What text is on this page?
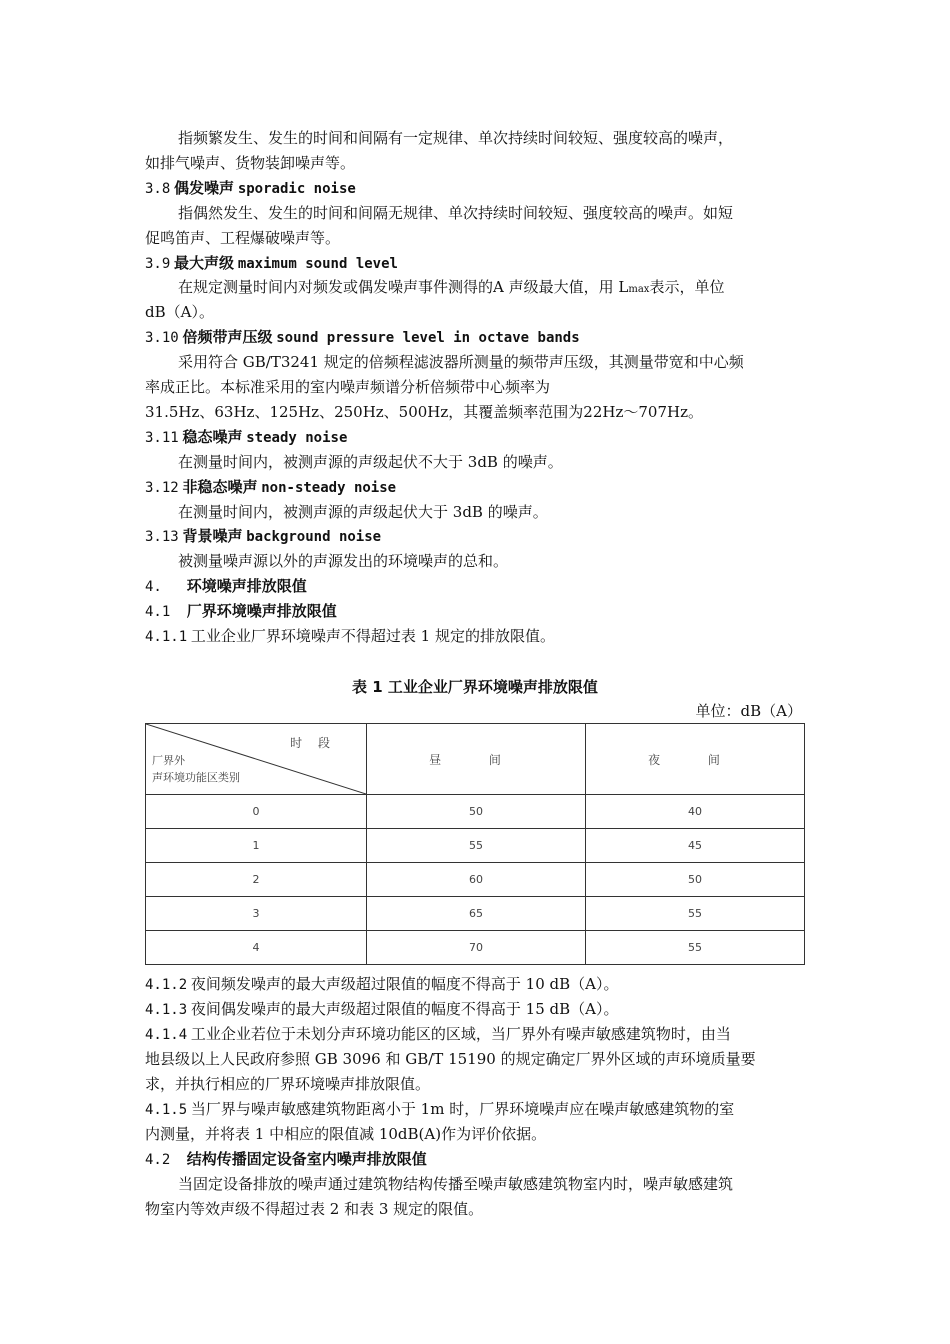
指频繁发生、发生的时间和间隔有一定规律、单次持续时间较短、强度较高的噪声，
如排气噪声、货物装卸噪声等。
3.8 偶发噪声 sporadic noise
指偶然发生、发生的时间和间隔无规律、单次持续时间较短、强度较高的噪声。如短
促鸣笛声、工程爆破噪声等。
3.9 最大声级 maximum sound level
在规定测量时间内对频发或偶发噪声事件测得的A 声级最大值，用 Lmax表示，单位
dB（A）。
3.10 倍频带声压级 sound pressure level in octave bands
采用符合 GB/T3241 规定的倍频程滤波器所测量的频带声压级，其测量带宽和中心频
率成正比。本标准采用的室内噪声频谱分析倍频带中心频率为
31.5Hz、63Hz、125Hz、250Hz、500Hz，其覆盖频率范围为22Hz～707Hz。
3.11 稳态噪声 steady noise
在测量时间内，被测声源的声级起伏不大于 3dB 的噪声。
3.12 非稳态噪声 non-steady noise
在测量时间内，被测声源的声级起伏大于 3dB 的噪声。
3.13 背景噪声 background noise
被测量噪声源以外的声源发出的环境噪声的总和。
4. 环境噪声排放限值
4.1 厂界环境噪声排放限值
4.1.1 工业企业厂界环境噪声不得超过表 1 规定的排放限值。
表 1 工业企业厂界环境噪声排放限值
单位：dB（A）
时 段
厂界外
声环境功能区类别	昼 间	夜 间
0	50	40
1	55	45
2	60	50
3	65	55
4	70	55
4.1.2 夜间频发噪声的最大声级超过限值的幅度不得高于 10 dB（A）。
4.1.3 夜间偶发噪声的最大声级超过限值的幅度不得高于 15 dB（A）。
4.1.4 工业企业若位于未划分声环境功能区的区域，当厂界外有噪声敏感建筑物时，由当
地县级以上人民政府参照 GB 3096 和 GB/T 15190 的规定确定厂界外区域的声环境质量要
求，并执行相应的厂界环境噪声排放限值。
4.1.5 当厂界与噪声敏感建筑物距离小于 1m 时，厂界环境噪声应在噪声敏感建筑物的室
内测量，并将表 1 中相应的限值减 10dB(A)作为评价依据。
4.2 结构传播固定设备室内噪声排放限值
当固定设备排放的噪声通过建筑物结构传播至噪声敏感建筑物室内时，噪声敏感建筑
物室内等效声级不得超过表 2 和表 3 规定的限值。
